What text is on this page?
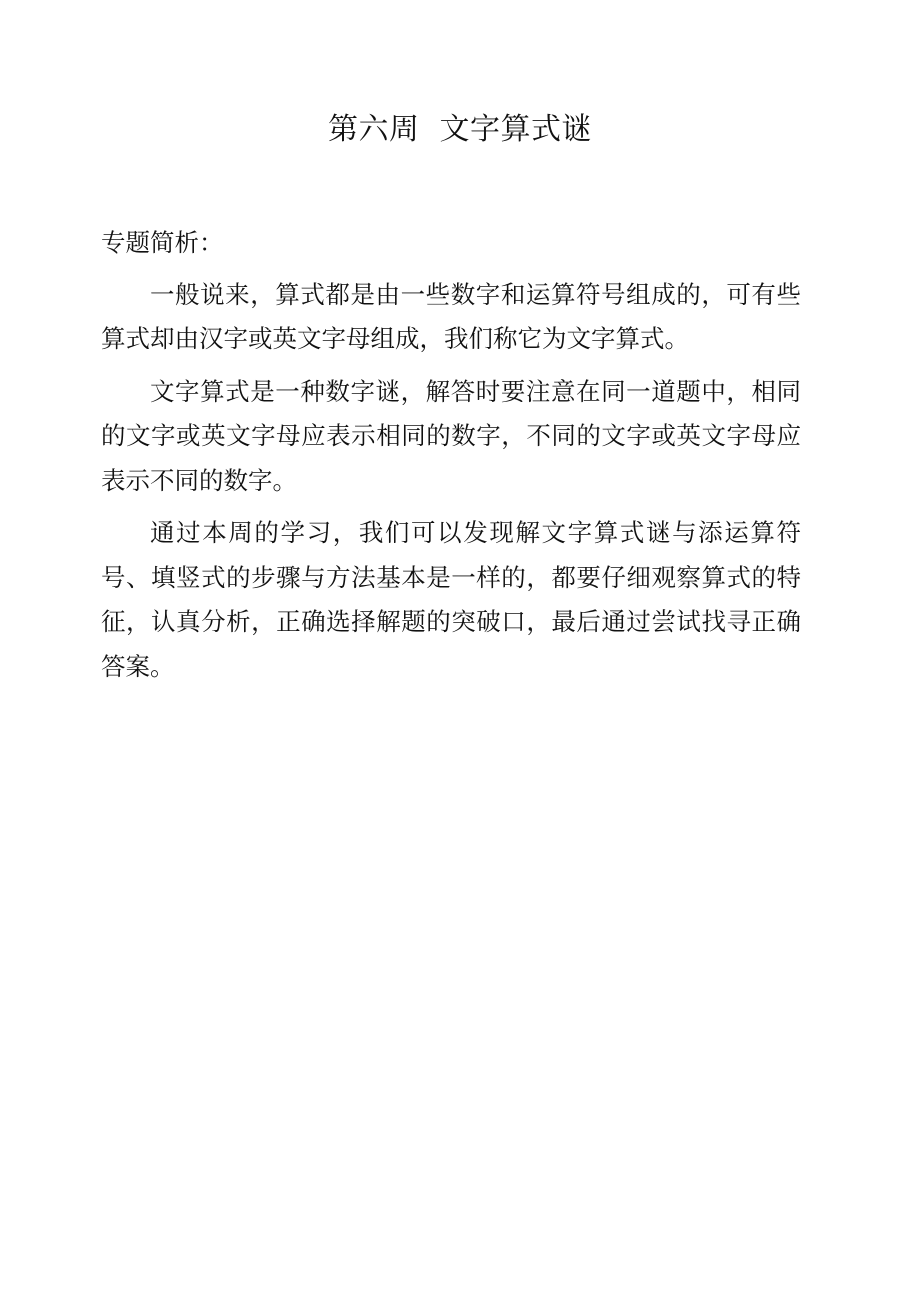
第六周  文字算式谜
专题简析：

一般说来，算式都是由一些数字和运算符号组成的，可有些算式却由汉字或英文字母组成，我们称它为文字算式。

文字算式是一种数字谜，解答时要注意在同一道题中，相同的文字或英文字母应表示相同的数字，不同的文字或英文字母应表示不同的数字。

通过本周的学习，我们可以发现解文字算式谜与添运算符号、填竖式的步骤与方法基本是一样的，都要仔细观察算式的特征，认真分析，正确选择解题的突破口，最后通过尝试找寻正确答案。
